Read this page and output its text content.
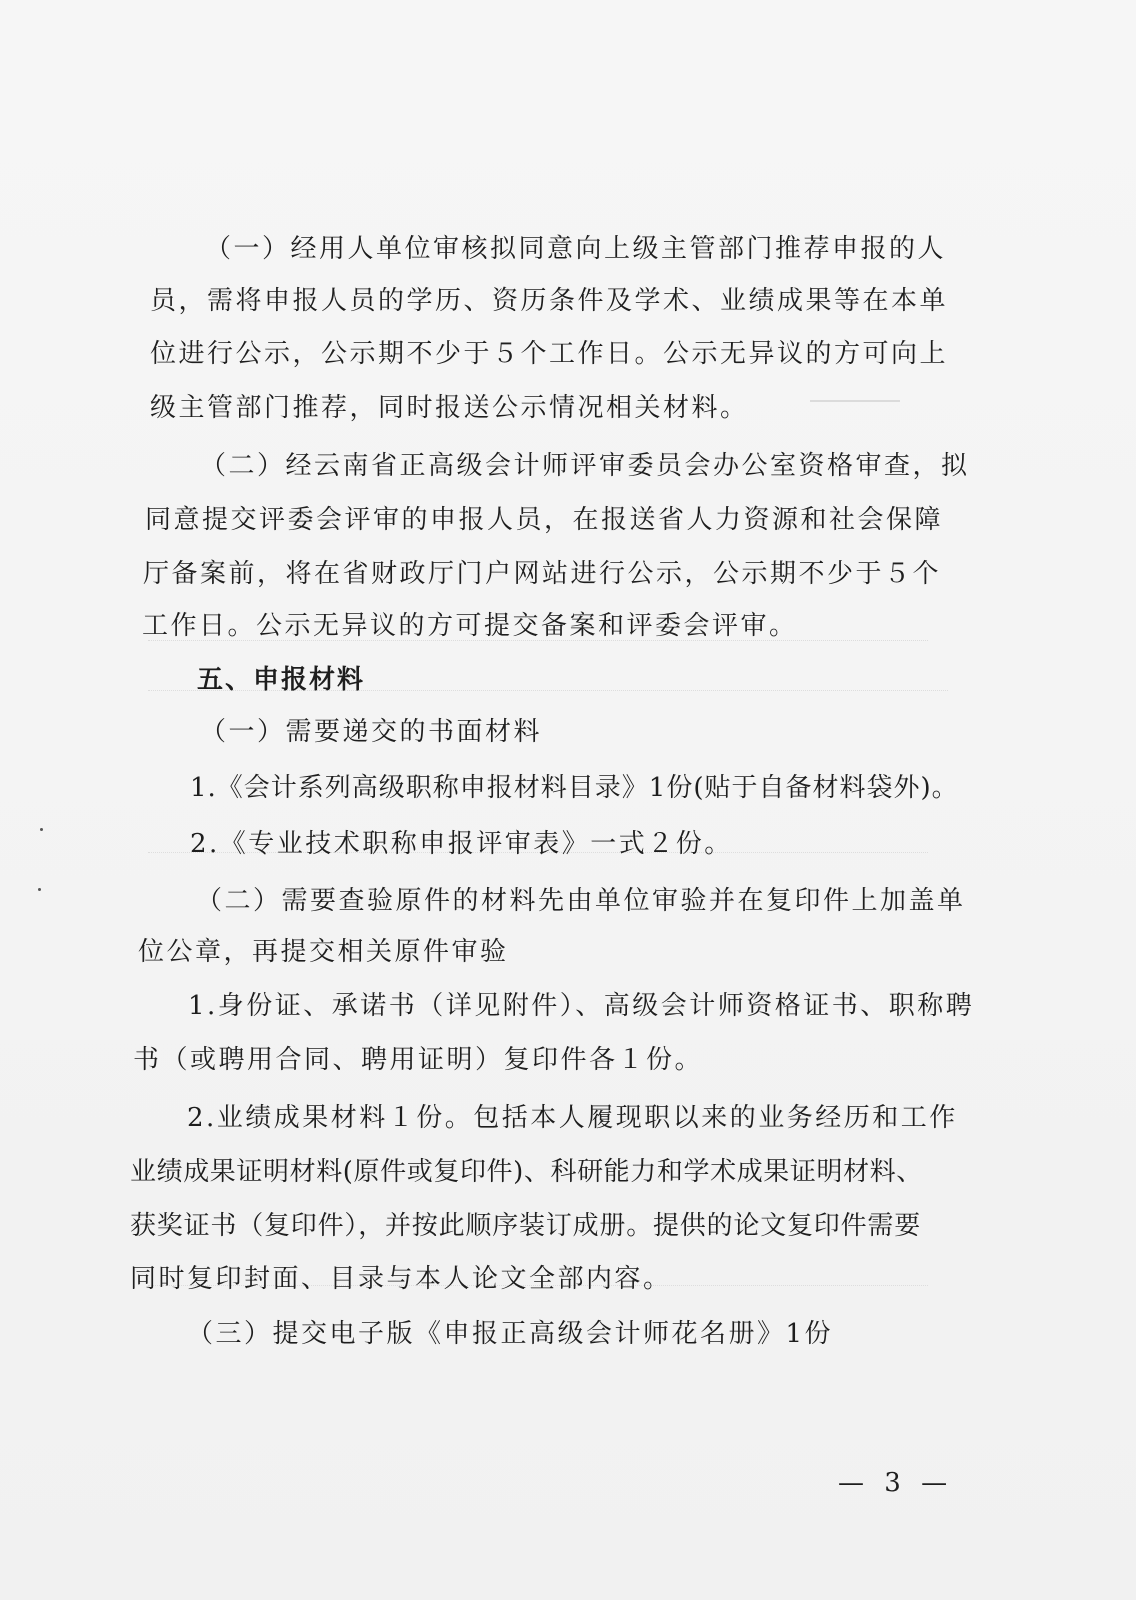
（一）经用人单位审核拟同意向上级主管部门推荐申报的人
员，需将申报人员的学历、资历条件及学术、业绩成果等在本单
位进行公示，公示期不少于５个工作日。公示无异议的方可向上
级主管部门推荐，同时报送公示情况相关材料。
（二）经云南省正高级会计师评审委员会办公室资格审查，拟
同意提交评委会评审的申报人员，在报送省人力资源和社会保障
厅备案前，将在省财政厅门户网站进行公示，公示期不少于５个
工作日。公示无异议的方可提交备案和评委会评审。
五、申报材料
（一）需要递交的书面材料
1.《会计系列高级职称申报材料目录》1份(贴于自备材料袋外)。
2.《专业技术职称申报评审表》一式２份。
（二）需要查验原件的材料先由单位审验并在复印件上加盖单
位公章，再提交相关原件审验
1.身份证、承诺书（详见附件）、高级会计师资格证书、职称聘
书（或聘用合同、聘用证明）复印件各１份。
2.业绩成果材料１份。包括本人履现职以来的业务经历和工作
业绩成果证明材料(原件或复印件)、科研能力和学术成果证明材料、
获奖证书（复印件），并按此顺序装订成册。提供的论文复印件需要
同时复印封面、目录与本人论文全部内容。
（三）提交电子版《申报正高级会计师花名册》1份
— 3 —
